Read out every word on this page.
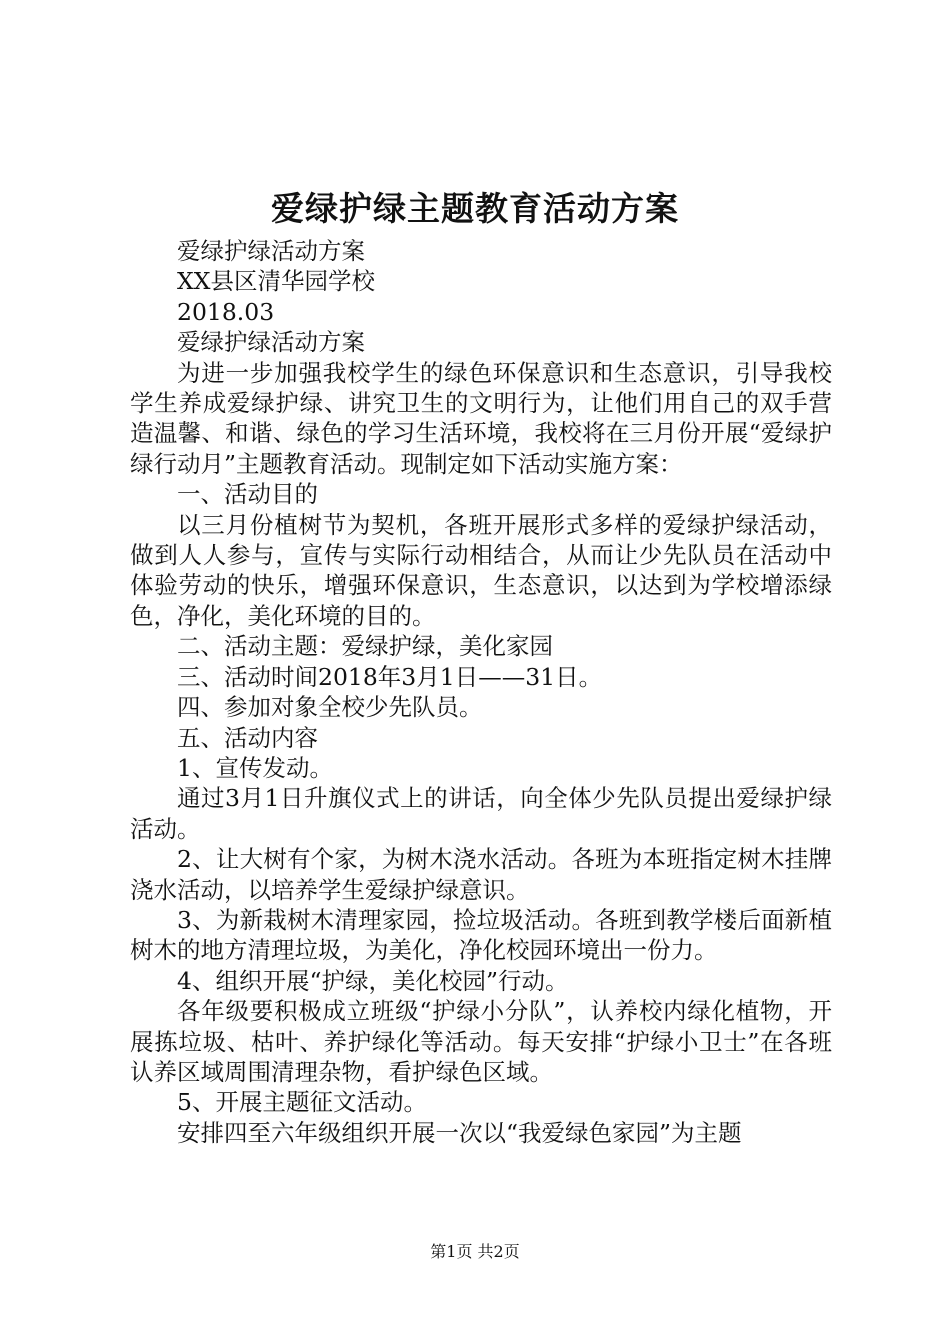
爱绿护绿主题教育活动方案

爱绿护绿活动方案

XX县区清华园学校

2018.03

爱绿护绿活动方案

为进一步加强我校学生的绿色环保意识和生态意识，引导我校学生养成爱绿护绿、讲究卫生的文明行为，让他们用自己的双手营造温馨、和谐、绿色的学习生活环境，我校将在三月份开展“爱绿护绿行动月”主题教育活动。现制定如下活动实施方案：

一、活动目的

以三月份植树节为契机，各班开展形式多样的爱绿护绿活动，做到人人参与，宣传与实际行动相结合，从而让少先队员在活动中体验劳动的快乐，增强环保意识，生态意识，以达到为学校增添绿色，净化，美化环境的目的。

二、活动主题：爱绿护绿，美化家园

三、活动时间2018年3月1日——31日。

四、参加对象全校少先队员。

五、活动内容

1、宣传发动。

通过3月1日升旗仪式上的讲话，向全体少先队员提出爱绿护绿活动。

2、让大树有个家，为树木浇水活动。各班为本班指定树木挂牌浇水活动，以培养学生爱绿护绿意识。

3、为新栽树木清理家园，捡垃圾活动。各班到教学楼后面新植树木的地方清理垃圾，为美化，净化校园环境出一份力。

4、组织开展“护绿，美化校园”行动。

各年级要积极成立班级“护绿小分队”，认养校内绿化植物，开展拣垃圾、枯叶、养护绿化等活动。每天安排“护绿小卫士”在各班认养区域周围清理杂物，看护绿色区域。

5、开展主题征文活动。

安排四至六年级组织开展一次以“我爱绿色家园”为主题

第1页 共2页
